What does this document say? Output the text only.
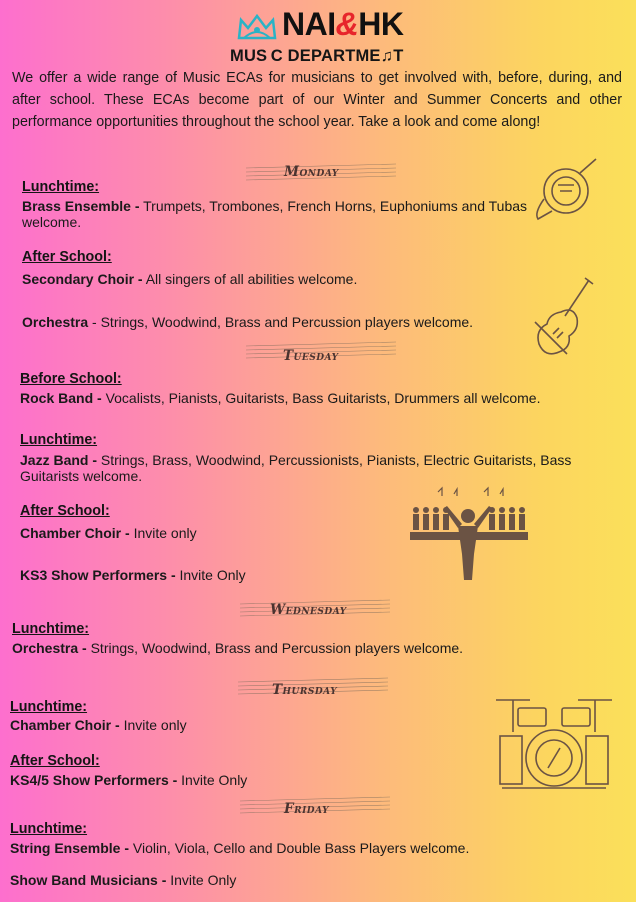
NAI&HK
MUS C DEPARTME♫T
We offer a wide range of Music ECAs for musicians to get involved with, before, during, and after school. These ECAs become part of our Winter and Summer Concerts and other performance opportunities throughout the school year. Take a look and come along!
Monday
Lunchtime:
Brass Ensemble - Trumpets, Trombones, French Horns, Euphoniums and Tubas welcome.
After School:
Secondary Choir - All singers of all abilities welcome.
Orchestra - Strings, Woodwind, Brass and Percussion players welcome.
Tuesday
Before School:
Rock Band - Vocalists, Pianists, Guitarists, Bass Guitarists, Drummers all welcome.
Lunchtime:
Jazz Band - Strings, Brass, Woodwind, Percussionists, Pianists, Electric Guitarists, Bass Guitarists welcome.
After School:
Chamber Choir - Invite only
KS3 Show Performers - Invite Only
Wednesday
Lunchtime:
Orchestra - Strings, Woodwind, Brass and Percussion players welcome.
Thursday
Lunchtime:
Chamber Choir - Invite only
After School:
KS4/5 Show Performers - Invite Only
Friday
Lunchtime:
String Ensemble - Violin, Viola, Cello and Double Bass Players welcome.
Show Band Musicians - Invite Only
